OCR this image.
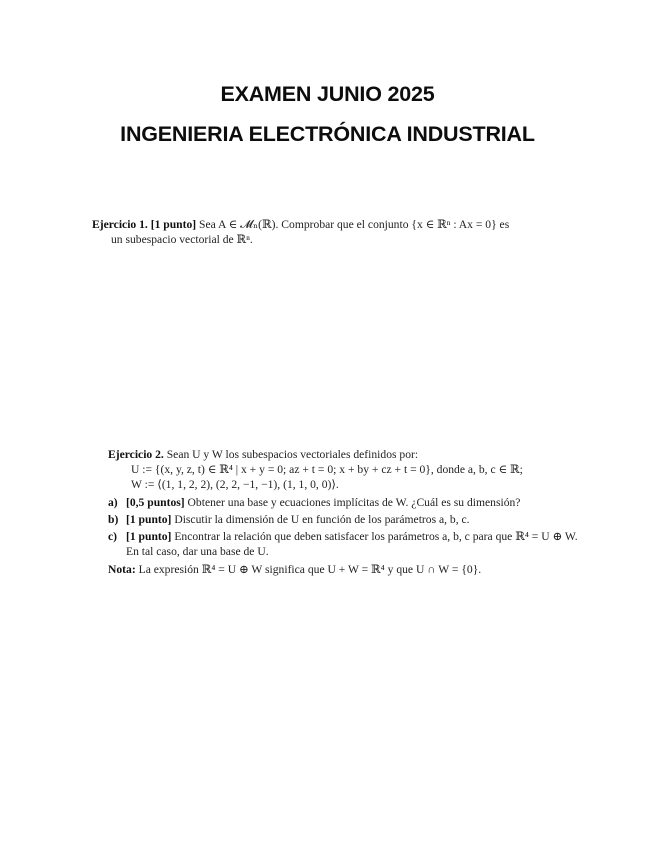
EXAMEN JUNIO 2025
INGENIERIA ELECTRÓNICA INDUSTRIAL
Ejercicio 1. [1 punto] Sea A ∈ 𝓜ₙ(ℝ). Comprobar que el conjunto {x ∈ ℝⁿ : Ax = 0} es
un subespacio vectorial de ℝⁿ.
Ejercicio 2. Sean U y W los subespacios vectoriales definidos por:
U := {(x, y, z, t) ∈ ℝ⁴ | x + y = 0; az + t = 0; x + by + cz + t = 0}, donde a, b, c ∈ ℝ;
W := ⟨(1, 1, 2, 2), (2, 2, −1, −1), (1, 1, 0, 0)⟩.
a) [0,5 puntos] Obtener una base y ecuaciones implícitas de W. ¿Cuál es su dimensión?
b) [1 punto] Discutir la dimensión de U en función de los parámetros a, b, c.
c) [1 punto] Encontrar la relación que deben satisfacer los parámetros a, b, c para que ℝ⁴ = U ⊕ W. En tal caso, dar una base de U.
Nota: La expresión ℝ⁴ = U ⊕ W significa que U + W = ℝ⁴ y que U ∩ W = {0}.
